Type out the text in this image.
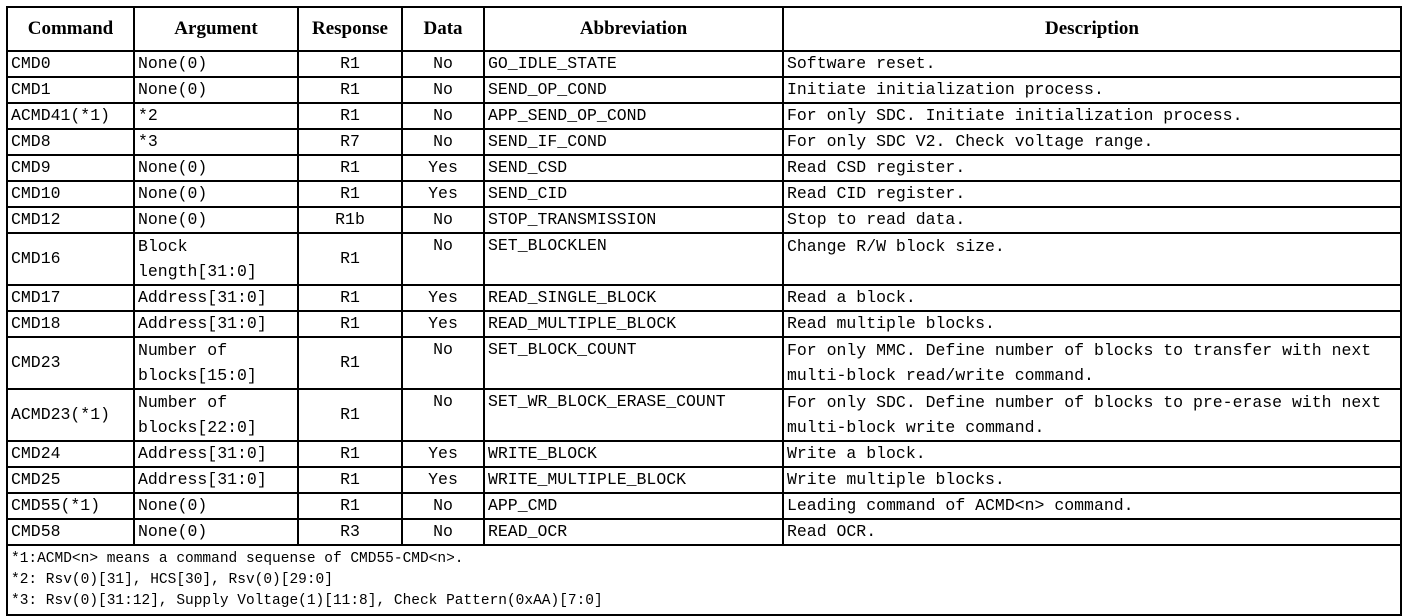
Command	Argument	Response	Data	Abbreviation	Description
CMD0	None(0)	R1	No	GO_IDLE_STATE	Software reset.
CMD1	None(0)	R1	No	SEND_OP_COND	Initiate initialization process.
ACMD41(*1)	*2	R1	No	APP_SEND_OP_COND	For only SDC. Initiate initialization process.
CMD8	*3	R7	No	SEND_IF_COND	For only SDC V2. Check voltage range.
CMD9	None(0)	R1	Yes	SEND_CSD	Read CSD register.
CMD10	None(0)	R1	Yes	SEND_CID	Read CID register.
CMD12	None(0)	R1b	No	STOP_TRANSMISSION	Stop to read data.
CMD16	Block length[31:0]	R1	No	SET_BLOCKLEN	Change R/W block size.
CMD17	Address[31:0]	R1	Yes	READ_SINGLE_BLOCK	Read a block.
CMD18	Address[31:0]	R1	Yes	READ_MULTIPLE_BLOCK	Read multiple blocks.
CMD23	Number of blocks[15:0]	R1	No	SET_BLOCK_COUNT	For only MMC. Define number of blocks to transfer with next multi-block read/write command.
ACMD23(*1)	Number of blocks[22:0]	R1	No	SET_WR_BLOCK_ERASE_COUNT	For only SDC. Define number of blocks to pre-erase with next multi-block write command.
CMD24	Address[31:0]	R1	Yes	WRITE_BLOCK	Write a block.
CMD25	Address[31:0]	R1	Yes	WRITE_MULTIPLE_BLOCK	Write multiple blocks.
CMD55(*1)	None(0)	R1	No	APP_CMD	Leading command of ACMD<n> command.
CMD58	None(0)	R3	No	READ_OCR	Read OCR.

*1:ACMD<n> means a command sequense of CMD55-CMD<n>.
*2: Rsv(0)[31], HCS[30], Rsv(0)[29:0]
*3: Rsv(0)[31:12], Supply Voltage(1)[11:8], Check Pattern(0xAA)[7:0]					
